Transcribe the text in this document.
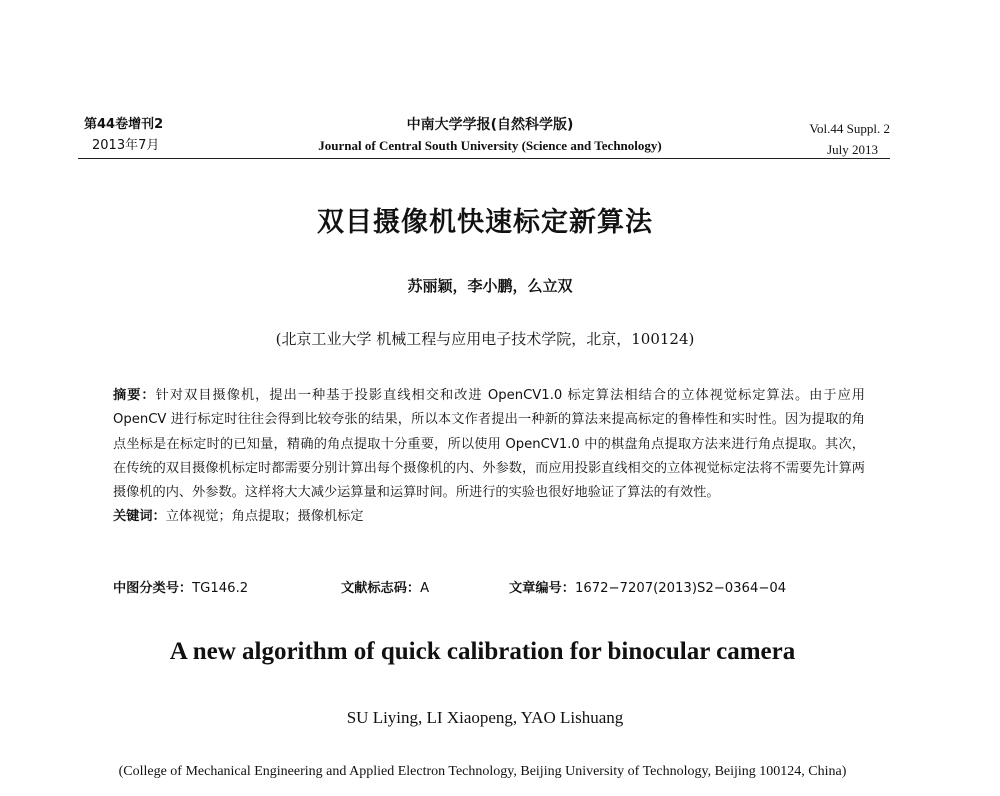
第44卷增刊2
2013年7月
中南大学学报(自然科学版)
Journal of Central South University (Science and Technology)
Vol.44 Suppl. 2
July 2013
双目摄像机快速标定新算法
苏丽颖，李小鹏，么立双
(北京工业大学 机械工程与应用电子技术学院，北京，100124)
摘要：针对双目摄像机，提出一种基于投影直线相交和改进 OpenCV1.0 标定算法相结合的立体视觉标定算法。由于应用 OpenCV 进行标定时往往会得到比较夸张的结果，所以本文作者提出一种新的算法来提高标定的鲁棒性和实时性。因为提取的角点坐标是在标定时的已知量，精确的角点提取十分重要，所以使用 OpenCV1.0 中的棋盘角点提取方法来进行角点提取。其次，在传统的双目摄像机标定时都需要分别计算出每个摄像机的内、外参数，而应用投影直线相交的立体视觉标定法将不需要先计算两摄像机的内、外参数。这样将大大减少运算量和运算时间。所进行的实验也很好地验证了算法的有效性。
关键词：立体视觉；角点提取；摄像机标定
中图分类号：TG146.2	文献标志码：A	文章编号：1672−7207(2013)S2−0364−04
A new algorithm of quick calibration for binocular camera
SU Liying, LI Xiaopeng, YAO Lishuang
(College of Mechanical Engineering and Applied Electron Technology, Beijing University of Technology, Beijing 100124, China)
